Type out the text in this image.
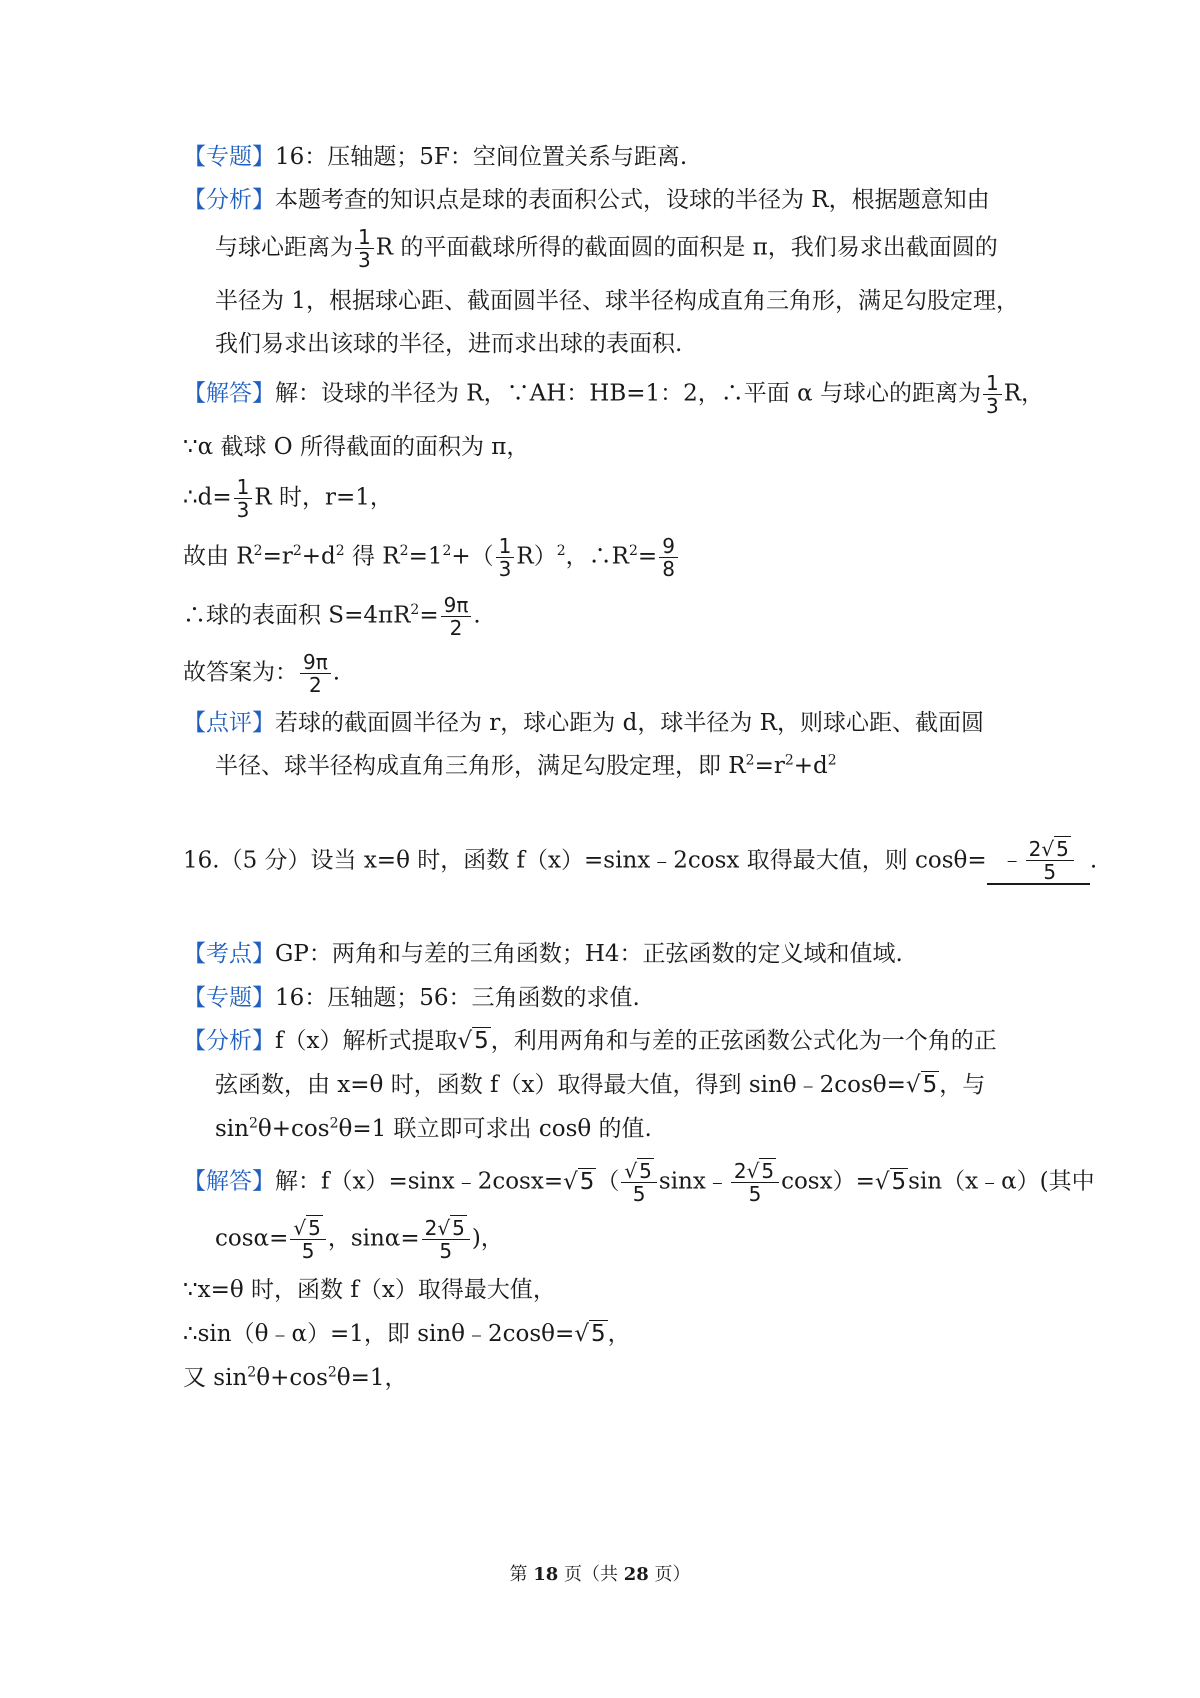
【专题】16：压轴题；5F：空间位置关系与距离.
【分析】本题考查的知识点是球的表面积公式，设球的半径为 R，根据题意知由
与球心距离为 $\frac{1}{3}$ R 的平面截球所得的截面圆的面积是 π，我们易求出截面圆的
半径为 1，根据球心距、截面圆半径、球半径构成直角三角形，满足勾股定理，
我们易求出该球的半径，进而求出球的表面积.
【解答】解：设球的半径为 R，∵AH：HB=1：2，∴平面 α 与球心的距离为 $\frac{1}{3}$ R，
∵α 截球 O 所得截面的面积为 π，
∴d= $\frac{1}{3}$ R 时，r=1，
故由 $R^2=r^2+d^2$ 得 $R^2=1^2+( \frac{1}{3} R)^2$，$\therefore R^2= \frac{9}{8}$
∴球的表面积 $S=4\pi R^2= \frac{9\pi}{2}$ .
故答案为： $\frac{9\pi}{2}$ .
【点评】若球的截面圆半径为 r，球心距为 d，球半径为 R，则球心距、截面圆
半径、球半径构成直角三角形，满足勾股定理，即 $R^2=r^2+d^2$
16.（5 分）设当 x=θ 时，函数 f（x）=sinx﹣2cosx 取得最大值，则 cosθ= ﹣ $\frac{2√ 5}{5}$ .
【考点】GP：两角和与差的三角函数；H4：正弦函数的定义域和值域.
【专题】16：压轴题；56：三角函数的求值.
【分析】f（x）解析式提取√5，利用两角和与差的正弦函数公式化为一个角的正
弦函数，由 x=θ 时，函数 f（x）取得最大值，得到 sinθ﹣2cosθ=√5，与
$\sin^2\theta+\cos^2\theta=1$ 联立即可求出 cosθ 的值.
【解答】解：f（x）=sinx﹣2cosx=√5（ $\frac{√ 5}{5}$ sinx﹣ $\frac{2√ 5}{5}$ cosx）=√5sin（x﹣α）(其中
$\cos\alpha= \frac{√ 5}{5}$ ，$\sin\alpha= \frac{2√ 5}{5}$ )，
∵x=θ 时，函数 f（x）取得最大值，
∴sin（θ﹣α）=1，即 sinθ﹣2cosθ=√5，
又 $\sin^2\theta+\cos^2\theta=1$，
第 18 页（共 28 页）
